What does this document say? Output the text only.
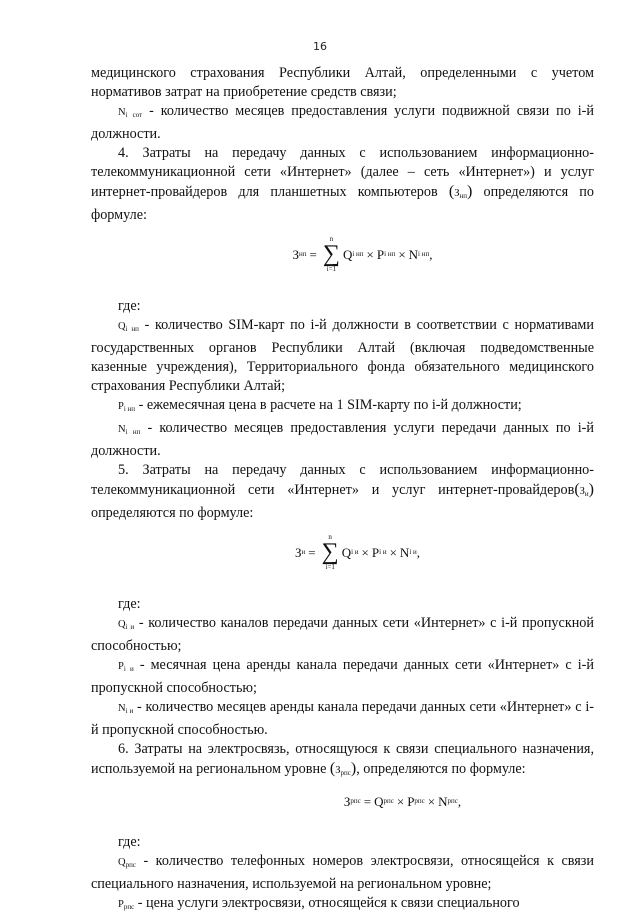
16

медицинского страхования Республики Алтай, определенными с учетом нормативов затрат на приобретение средств связи;

$N_{i сот}$ - количество месяцев предоставления услуги подвижной связи по i-й должности.

4. Затраты на передачу данных с использованием информационно-телекоммуникационной сети «Интернет» (далее – сеть «Интернет») и услуг интернет-провайдеров для планшетных компьютеров $(З_{нп})$ определяются по формуле:

З нп =
n
∑
i=1
Q i нп × P i нп × N i нп ,

где:

$Q_{i нп}$ - количество SIM-карт по i-й должности в соответствии с нормативами государственных органов Республики Алтай (включая подведомственные казенные учреждения), Территориального фонда обязательного медицинского страхования Республики Алтай;

$P_{i нп}$ - ежемесячная цена в расчете на 1 SIM-карту по i-й должности;

$N_{i нп}$ - количество месяцев предоставления услуги передачи данных по i-й должности.

5. Затраты на передачу данных с использованием информационно-телекоммуникационной сети «Интернет» и услуг интернет-$провайдеров(З_и)$ определяются по формуле:

З и =
n
∑
i=1
Q i и × P i и × N i и ,

где:

$Q_{i и}$ - количество каналов передачи данных сети «Интернет» с i-й пропускной способностью;

$P_{i и}$ - месячная цена аренды канала передачи данных сети «Интернет» с i-й пропускной способностью;

$N_{i и}$ - количество месяцев аренды канала передачи данных сети «Интернет» с i-й пропускной способностью.

6. Затраты на электросвязь, относящуюся к связи специального назначения, используемой на региональном уровне $(З_{рпс})$, определяются по формуле:

З рпс = Q рпс × P рпс × N рпс ,

где:

$Q_{рпс}$ - количество телефонных номеров электросвязи, относящейся к связи специального назначения, используемой на региональном уровне;

$P_{рпс}$ - цена услуги электросвязи, относящейся к связи специального
